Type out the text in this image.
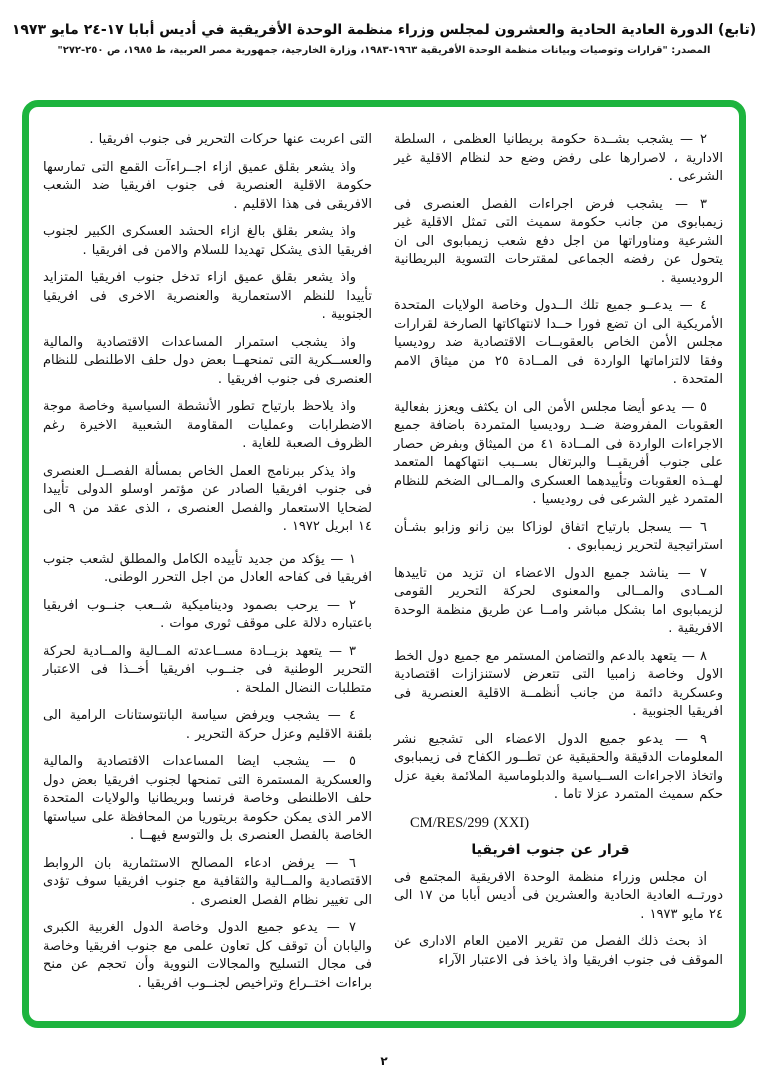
(تابع) الدورة العادية الحادية والعشرون لمجلس وزراء منظمة الوحدة الأفريقية في أديس أبابا ١٧-٢٤ مايو ١٩٧٣
المصدر: "قرارات وتوصيات وبيانات منظمة الوحدة الأفريقية ١٩٦٣-١٩٨٣، وزارة الخارجية، جمهورية مصر العربية، ط ١٩٨٥، ص ٢٥٠-٢٧٢"

٢ — يشجب بشــدة حكومة بريطانيا العظمى ، السلطة الادارية ، لاصرارها على رفض وضع حد لنظام الاقلية غير الشرعى .

٣ — يشجب فرض اجراءات الفصل العنصرى فى زيمبابوى من جانب حكومة سميث التى تمثل الاقلية غير الشرعية ومناوراتها من اجل دفع شعب زيمبابوى الى ان يتحول عن رفضه الجماعى لمقترحات التسوية البريطانية الروديسية .

٤ — يدعــو جميع تلك الــدول وخاصة الولايات المتحدة الأمريكية الى ان تضع فورا حــدا لانتهاكاتها الصارخة لقرارات مجلس الأمن الخاص بالعقوبــات الاقتصادية ضد روديسيا وفقا لالتزاماتها الواردة فى المــادة ٢٥ من ميثاق الامم المتحدة .

٥ — يدعو أيضا مجلس الأمن الى ان يكثف ويعزز بفعالية العقوبات المفروضة ضــد روديسيا المتمردة باضافة جميع الاجراءات الواردة فى المــادة ٤١ من الميثاق وبفرض حصار على جنوب أفريقيــا والبرتغال بســبب انتهاكهما المتعمد لهــذه العقوبات وتأييدهما العسكرى والمــالى الضخم للنظام المتمرد غير الشرعى فى روديسيا .

٦ — يسجل بارتياح اتفاق لوزاكا بين زانو وزابو بشـأن استراتيجية لتحرير زيمبابوى .

٧ — يناشد جميع الدول الاعضاء ان تزيد من تاييدها المــادى والمــالى والمعنوى لحركة التحرير القومى لزيمبابوى اما بشكل مباشر وامــا عن طريق منظمة الوحدة الافريقية .

٨ — يتعهد بالدعم والتضامن المستمر مع جميع دول الخط الاول وخاصة زامبيا التى تتعرض لاستنزازات اقتصادية وعسكرية دائمة من جانب أنظمــة الاقلية العنصرية فى افريقيا الجنوبية .

٩ — يدعو جميع الدول الاعضاء الى تشجيع نشر المعلومات الدقيقة والحقيقية عن تطــور الكفاح فى زيمبابوى واتخاذ الاجراءات الســياسية والدبلوماسية الملائمة بغية عزل حكم سميث المتمرد عزلا تاما .

CM/RES/299 (XXI)

قرار عن جنوب افريقيا

ان مجلس وزراء منظمة الوحدة الافريقية المجتمع فى دورتــه العادية الحادية والعشرين فى أديس أبابا من ١٧ الى ٢٤ مايو ١٩٧٣ .

اذ بحث ذلك الفصل من تقرير الامين العام الادارى عن الموقف فى جنوب افريقيا واذ ياخذ فى الاعتبار الآراء

التى اعربت عنها حركات التحرير فى جنوب افريقيا .

واذ يشعر بقلق عميق ازاء اجــراءآت القمع التى تمارسها حكومة الاقلية العنصرية فى جنوب افريقيا ضد الشعب الافريقى فى هذا الاقليم .

واذ يشعر بقلق بالغ ازاء الحشد العسكرى الكبير لجنوب افريقيا الذى يشكل تهديدا للسلام والامن فى افريقيا .

واذ يشعر بقلق عميق ازاء تدخل جنوب افريقيا المتزايد تأييدا للنظم الاستعمارية والعنصرية الاخرى فى افريقيا الجنوبية .

واذ يشجب استمرار المساعدات الاقتصادية والمالية والعســكرية التى تمنحهــا بعض دول حلف الاطلنطى للنظام العنصرى فى جنوب افريقيا .

واذ يلاحظ بارتياح تطور الأنشطة السياسية وخاصة موجة الاضطرابات وعمليات المقاومة الشعبية الاخيرة رغم الظروف الصعبة للغاية .

واذ يذكر ببرنامج العمل الخاص بمسألة الفصــل العنصرى فى جنوب افريقيا الصادر عن مؤتمر اوسلو الدولى تأييدا لضحايا الاستعمار والفصل العنصرى ، الذى عقد من ٩ الى ١٤ ابريل ١٩٧٢ .

١ — يؤكد من جديد تأييده الكامل والمطلق لشعب جنوب افريقيا فى كفاحه العادل من اجل التحرر الوطنى.

٢ — يرحب بصمود وديناميكية شــعب جنــوب افريقيا باعتباره دلالة على موقف ثورى موات .

٣ — يتعهد بزيــادة مســاعدته المــالية والمــادية لحركة التحرير الوطنية فى جنــوب افريقيا أخــذا فى الاعتبار متطلبات النضال الملحة .

٤ — يشجب ويرفض سياسة البانتوستانات الرامية الى بلقنة الاقليم وعزل حركة التحرير .

٥ — يشجب ايضا المساعدات الاقتصادية والمالية والعسكرية المستمرة التى تمنحها لجنوب افريقيا بعض دول حلف الاطلنطى وخاصة فرنسا وبريطانيا والولايات المتحدة الامر الذى يمكن حكومة بريتوريا من المحافظة على سياستها الخاصة بالفصل العنصرى بل والتوسع فيهــا .

٦ — يرفض ادعاء المصالح الاستثمارية بان الروابط الاقتصادية والمــالية والثقافية مع جنوب افريقيا سوف تؤدى الى تغيير نظام الفصل العنصرى .

٧ — يدعو جميع الدول وخاصة الدول الغربية الكبرى واليابان أن توقف كل تعاون علمى مع جنوب افريقيا وخاصة فى مجال التسليح والمجالات النووية وأن تحجم عن منح براءات اختــراع وتراخيص لجنــوب افريقيا .

٢
